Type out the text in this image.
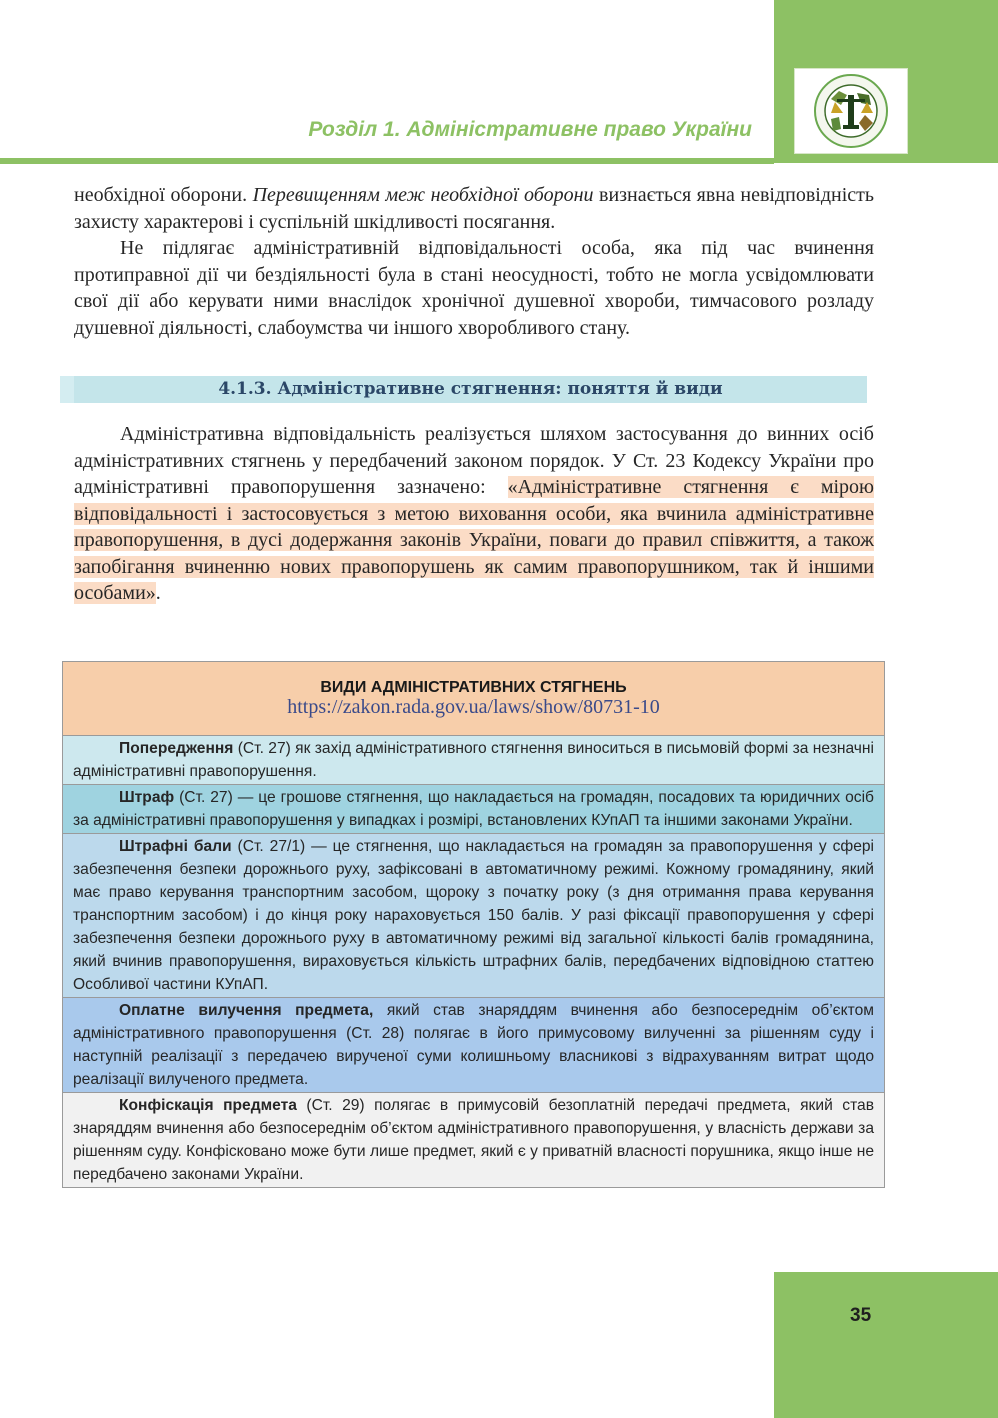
Розділ 1. Адміністративне право України

необхідної оборони. Перевищенням меж необхідної оборони визнається явна невідповідність захисту характерові і суспільній шкідливості посягання.

Не підлягає адміністративній відповідальності особа, яка під час вчинення протиправної дії чи бездіяльності була в стані неосудності, тобто не могла усвідомлювати свої дії або керувати ними внаслідок хронічної душевної хвороби, тимчасового розладу душевної діяльності, слабоумства чи іншого хворобливого стану.

4.1.3. Адміністративне стягнення: поняття й види

Адміністративна відповідальність реалізується шляхом застосування до винних осіб адміністративних стягнень у передбачений законом порядок. У Ст. 23 Кодексу України про адміністративні правопорушення зазначено: «Адміністративне стягнення є мірою відповідальності і застосовується з метою виховання особи, яка вчинила адміністративне правопорушення, в дусі додержання законів України, поваги до правил співжиття, а також запобігання вчиненню нових правопорушень як самим правопорушником, так й іншими особами».

ВИДИ АДМІНІСТРАТИВНИХ СТЯГНЕНЬ
https://zakon.rada.gov.ua/laws/show/80731-10

Попередження (Ст. 27) як захід адміністративного стягнення виноситься в письмовій формі за незначні адміністративні правопорушення.

Штраф (Ст. 27) — це грошове стягнення, що накладається на громадян, посадових та юридичних осіб за адміністративні правопорушення у випадках і розмірі, встановлених КУпАП та іншими законами України.

Штрафні бали (Ст. 27/1) — це стягнення, що накладається на громадян за правопорушення у сфері забезпечення безпеки дорожнього руху, зафіксовані в автоматичному режимі. Кожному громадянину, який має право керування транспортним засобом, щороку з початку року (з дня отримання права керування транспортним засобом) і до кінця року нараховується 150 балів. У разі фіксації правопорушення у сфері забезпечення безпеки дорожнього руху в автоматичному режимі від загальної кількості балів громадянина, який вчинив правопорушення, вираховується кількість штрафних балів, передбачених відповідною статтею Особливої частини КУпАП.

Оплатне вилучення предмета, який став знаряддям вчинення або безпосереднім об’єктом адміністративного правопорушення (Ст. 28) полягає в його примусовому вилученні за рішенням суду і наступній реалізації з передачею вирученої суми колишньому власникові з відрахуванням витрат щодо реалізації вилученого предмета.

Конфіскація предмета (Ст. 29) полягає в примусовій безоплатній передачі предмета, який став знаряддям вчинення або безпосереднім об’єктом адміністративного правопорушення, у власність держави за рішенням суду. Конфісковано може бути лише предмет, який є у приватній власності порушника, якщо інше не передбачено законами України.

35
